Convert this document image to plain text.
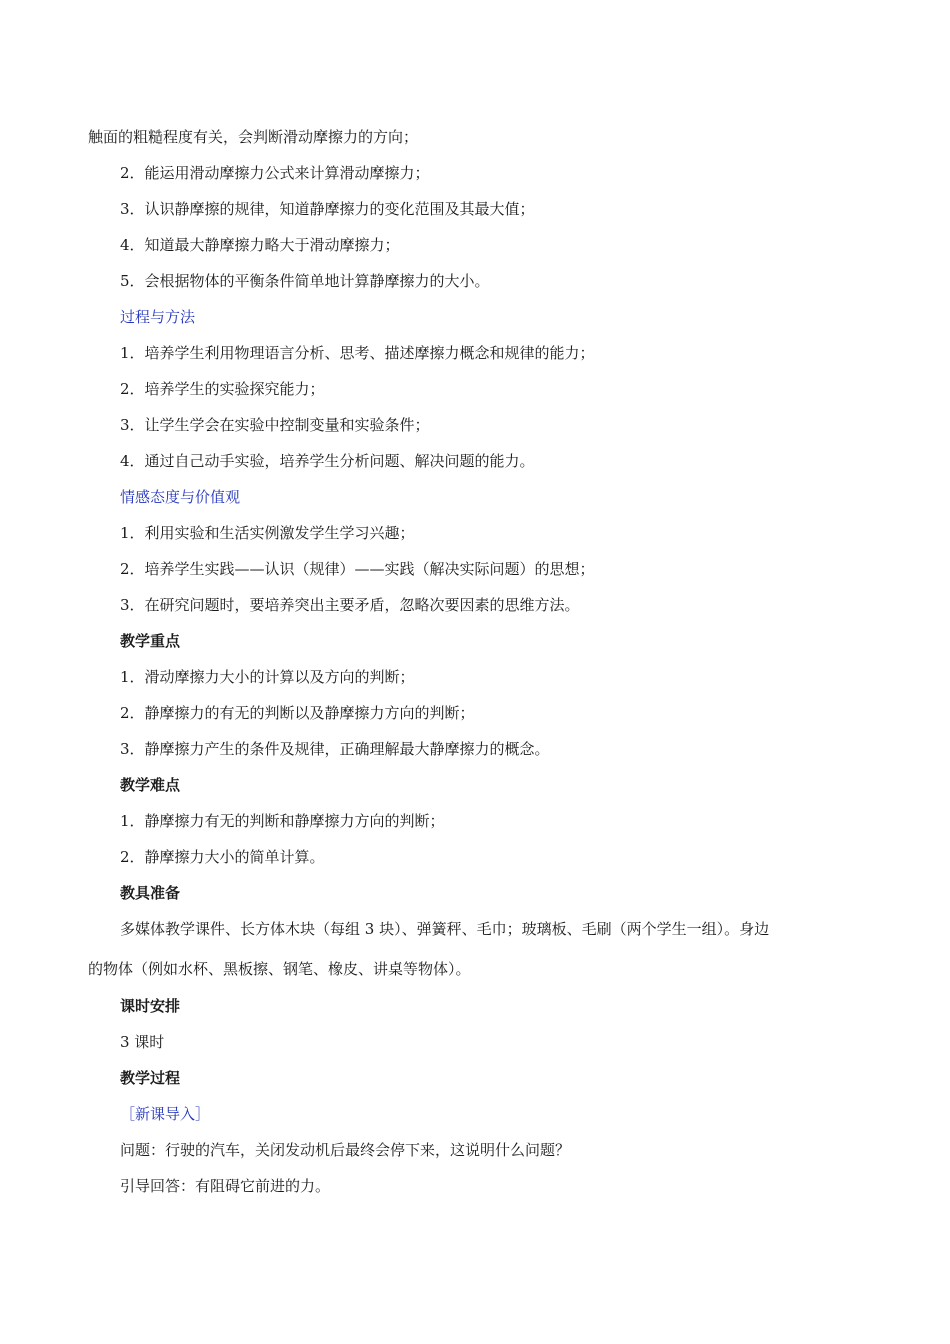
触面的粗糙程度有关，会判断滑动摩擦力的方向；
2．能运用滑动摩擦力公式来计算滑动摩擦力；
3．认识静摩擦的规律，知道静摩擦力的变化范围及其最大值；
4．知道最大静摩擦力略大于滑动摩擦力；
5．会根据物体的平衡条件简单地计算静摩擦力的大小。
过程与方法
1．培养学生利用物理语言分析、思考、描述摩擦力概念和规律的能力；
2．培养学生的实验探究能力；
3．让学生学会在实验中控制变量和实验条件；
4．通过自己动手实验，培养学生分析问题、解决问题的能力。
情感态度与价值观
1．利用实验和生活实例激发学生学习兴趣；
2．培养学生实践——认识（规律）——实践（解决实际问题）的思想；
3．在研究问题时，要培养突出主要矛盾，忽略次要因素的思维方法。
教学重点
1．滑动摩擦力大小的计算以及方向的判断；
2．静摩擦力的有无的判断以及静摩擦力方向的判断；
3．静摩擦力产生的条件及规律，正确理解最大静摩擦力的概念。
教学难点
1．静摩擦力有无的判断和静摩擦力方向的判断；
2．静摩擦力大小的简单计算。
教具准备
多媒体教学课件、长方体木块（每组 3 块）、弹簧秤、毛巾；玻璃板、毛刷（两个学生一组）。身边
的物体（例如水杯、黑板擦、钢笔、橡皮、讲桌等物体）。
课时安排
3 课时
教学过程
［新课导入］
问题：行驶的汽车，关闭发动机后最终会停下来，这说明什么问题？
引导回答：有阻碍它前进的力。
